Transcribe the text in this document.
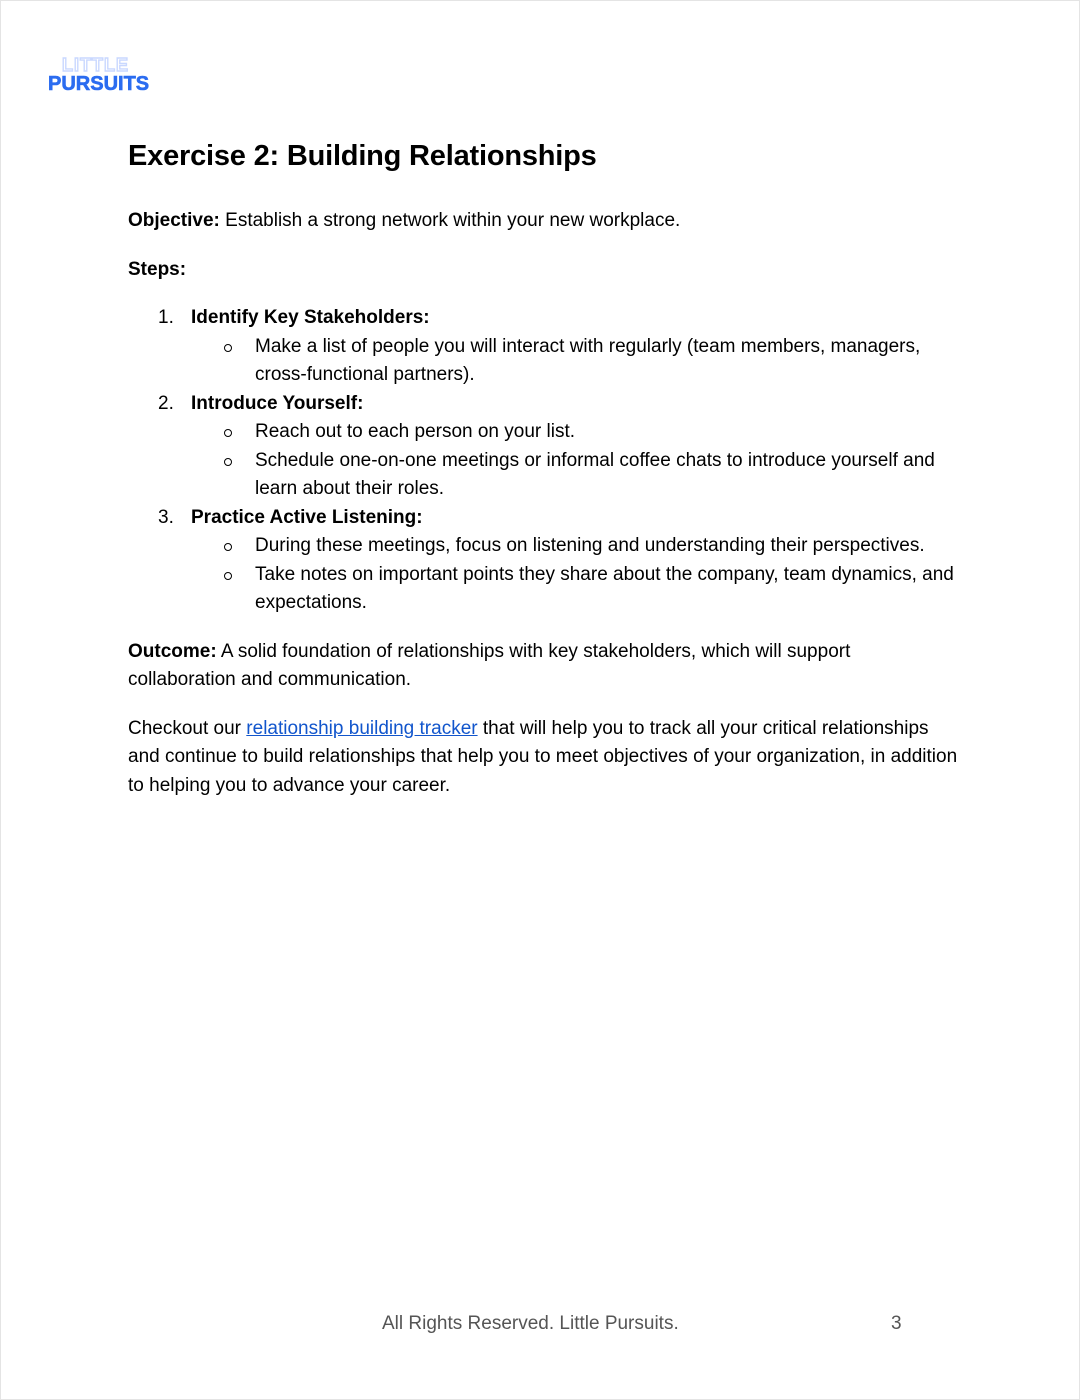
LITTLE
PURSUITS
Exercise 2: Building Relationships

Objective: Establish a strong network within your new workplace.

Steps:

1. Identify Key Stakeholders:
Make a list of people you will interact with regularly (team members, managers, cross-functional partners).
2. Introduce Yourself:
Reach out to each person on your list.
Schedule one-on-one meetings or informal coffee chats to introduce yourself and learn about their roles.
3. Practice Active Listening:
During these meetings, focus on listening and understanding their perspectives.
Take notes on important points they share about the company, team dynamics, and expectations.

Outcome: A solid foundation of relationships with key stakeholders, which will support collaboration and communication.

Checkout our relationship building tracker that will help you to track all your critical relationships and continue to build relationships that help you to meet objectives of your organization, in addition to helping you to advance your career.

All Rights Reserved. Little Pursuits.	3
